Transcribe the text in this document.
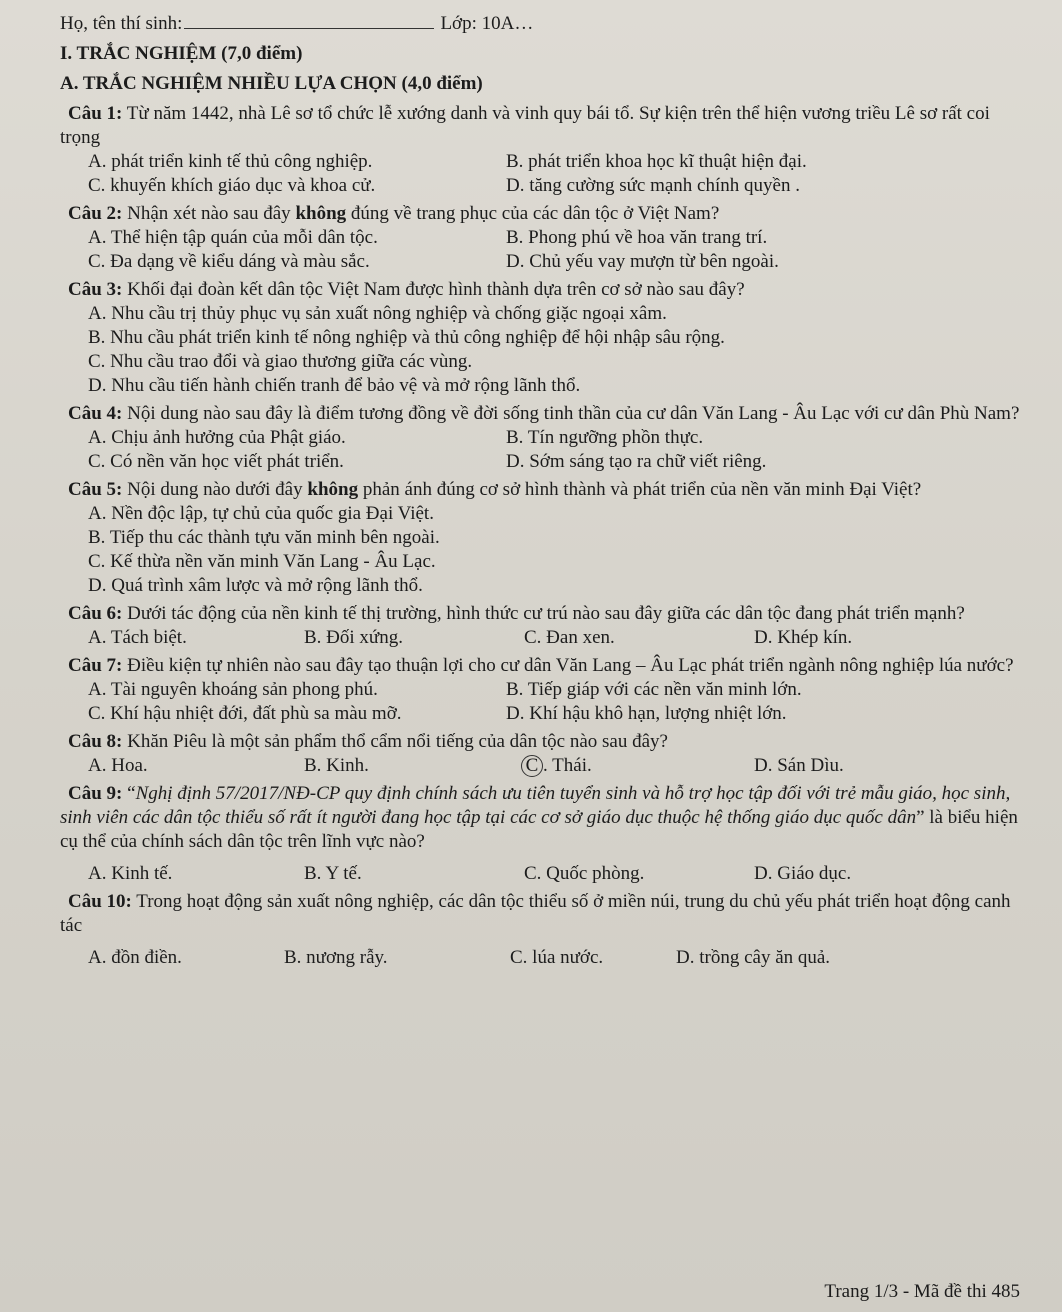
Họ, tên thí sinh:	Lớp: 10A…
I. TRẮC NGHIỆM (7,0 điểm)
A. TRẮC NGHIỆM NHIỀU LỰA CHỌN (4,0 điểm)
Câu 1: Từ năm 1442, nhà Lê sơ tổ chức lễ xướng danh và vinh quy bái tổ. Sự kiện trên thể hiện vương triều Lê sơ rất coi trọng
A. phát triển kinh tế thủ công nghiệp.	B. phát triển khoa học kĩ thuật hiện đại.
C. khuyến khích giáo dục và khoa cử.	D. tăng cường sức mạnh chính quyền .
Câu 2: Nhận xét nào sau đây không đúng về trang phục của các dân tộc ở Việt Nam?
A. Thể hiện tập quán của mỗi dân tộc.	B. Phong phú về hoa văn trang trí.
C. Đa dạng về kiểu dáng và màu sắc.	D. Chủ yếu vay mượn từ bên ngoài.
Câu 3: Khối đại đoàn kết dân tộc Việt Nam được hình thành dựa trên cơ sở nào sau đây?
A. Nhu cầu trị thủy phục vụ sản xuất nông nghiệp và chống giặc ngoại xâm.
B. Nhu cầu phát triển kinh tế nông nghiệp và thủ công nghiệp để hội nhập sâu rộng.
C. Nhu cầu trao đổi và giao thương giữa các vùng.
D. Nhu cầu tiến hành chiến tranh để bảo vệ và mở rộng lãnh thổ.
Câu 4: Nội dung nào sau đây là điểm tương đồng về đời sống tinh thần của cư dân Văn Lang - Âu Lạc với cư dân Phù Nam?
A. Chịu ảnh hưởng của Phật giáo.	B. Tín ngưỡng phồn thực.
C. Có nền văn học viết phát triển.	D. Sớm sáng tạo ra chữ viết riêng.
Câu 5: Nội dung nào dưới đây không phản ánh đúng cơ sở hình thành và phát triển của nền văn minh Đại Việt?
A. Nền độc lập, tự chủ của quốc gia Đại Việt.
B. Tiếp thu các thành tựu văn minh bên ngoài.
C. Kế thừa nền văn minh Văn Lang - Âu Lạc.
D. Quá trình xâm lược và mở rộng lãnh thổ.
Câu 6: Dưới tác động của nền kinh tế thị trường, hình thức cư trú nào sau đây giữa các dân tộc đang phát triển mạnh?
A. Tách biệt.	B. Đối xứng.	C. Đan xen.	D. Khép kín.
Câu 7: Điều kiện tự nhiên nào sau đây tạo thuận lợi cho cư dân Văn Lang – Âu Lạc phát triển ngành nông nghiệp lúa nước?
A. Tài nguyên khoáng sản phong phú.	B. Tiếp giáp với các nền văn minh lớn.
C. Khí hậu nhiệt đới, đất phù sa màu mỡ.	D. Khí hậu khô hạn, lượng nhiệt lớn.
Câu 8: Khăn Piêu là một sản phẩm thổ cẩm nổi tiếng của dân tộc nào sau đây?
A. Hoa.	B. Kinh.	C . Thái.	D. Sán Dìu.
Câu 9: “Nghị định 57/2017/NĐ-CP quy định chính sách ưu tiên tuyển sinh và hỗ trợ học tập đối với trẻ mẫu giáo, học sinh, sinh viên các dân tộc thiểu số rất ít người đang học tập tại các cơ sở giáo dục thuộc hệ thống giáo dục quốc dân” là biểu hiện cụ thể của chính sách dân tộc trên lĩnh vực nào?
A. Kinh tế.	B. Y tế.	C. Quốc phòng.	D. Giáo dục.
Câu 10: Trong hoạt động sản xuất nông nghiệp, các dân tộc thiểu số ở miền núi, trung du chủ yếu phát triển hoạt động canh tác
A. đồn điền.	B. nương rẫy.	C. lúa nước.	D. trồng cây ăn quả.
Trang 1/3 - Mã đề thi 485
